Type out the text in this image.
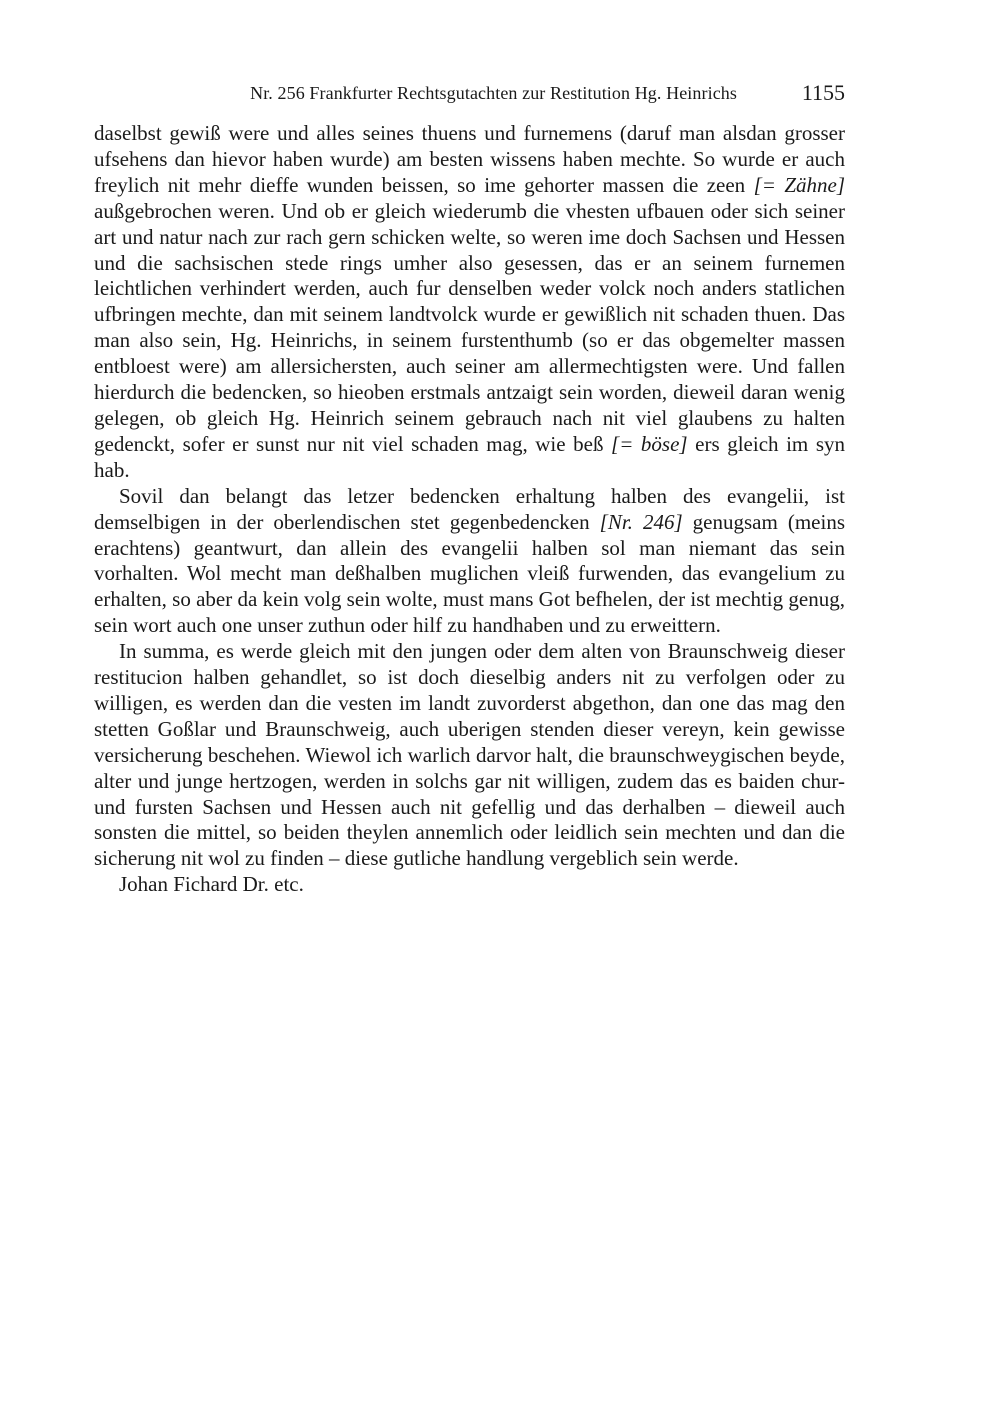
Nr. 256 Frankfurter Rechtsgutachten zur Restitution Hg. Heinrichs	1155

daselbst gewiß were und alles seines thuens und furnemens (daruf man alsdan grosser ufsehens dan hievor haben wurde) am besten wissens haben mechte. So wurde er auch freylich nit mehr dieffe wunden beissen, so ime gehorter massen die zeen [= Zähne] außgebrochen weren. Und ob er gleich wiederumb die vhesten ufbauen oder sich seiner art und natur nach zur rach gern schicken welte, so weren ime doch Sachsen und Hessen und die sachsischen stede rings umher also gesessen, das er an seinem furnemen leichtlichen verhindert werden, auch fur denselben weder volck noch anders statlichen ufbringen mechte, dan mit seinem landtvolck wurde er gewißlich nit schaden thuen. Das man also sein, Hg. Heinrichs, in seinem furstenthumb (so er das obgemelter massen entbloest were) am allersichersten, auch seiner am allermechtigsten were. Und fallen hierdurch die bedencken, so hieoben erstmals antzaigt sein worden, dieweil daran wenig gelegen, ob gleich Hg. Heinrich seinem gebrauch nach nit viel glaubens zu halten gedenckt, sofer er sunst nur nit viel schaden mag, wie beß [= böse] ers gleich im syn hab.

Sovil dan belangt das letzer bedencken erhaltung halben des evangelii, ist demselbigen in der oberlendischen stet gegenbedencken [Nr. 246] genugsam (meins erachtens) geantwurt, dan allein des evangelii halben sol man niemant das sein vorhalten. Wol mecht man deßhalben muglichen vleiß furwenden, das evangelium zu erhalten, so aber da kein volg sein wolte, must mans Got befhelen, der ist mechtig genug, sein wort auch one unser zuthun oder hilf zu handhaben und zu erweittern.

In summa, es werde gleich mit den jungen oder dem alten von Braunschweig dieser restitucion halben gehandlet, so ist doch dieselbig anders nit zu verfolgen oder zu willigen, es werden dan die vesten im landt zuvorderst abgethon, dan one das mag den stetten Goßlar und Braunschweig, auch uberigen stenden dieser vereyn, kein gewisse versicherung beschehen. Wiewol ich warlich darvor halt, die braunschweygischen beyde, alter und junge hertzogen, werden in solchs gar nit willigen, zudem das es baiden chur- und fursten Sachsen und Hessen auch nit gefellig und das derhalben – dieweil auch sonsten die mittel, so beiden theylen annemlich oder leidlich sein mechten und dan die sicherung nit wol zu finden – diese gutliche handlung vergeblich sein werde.

Johan Fichard Dr. etc.
